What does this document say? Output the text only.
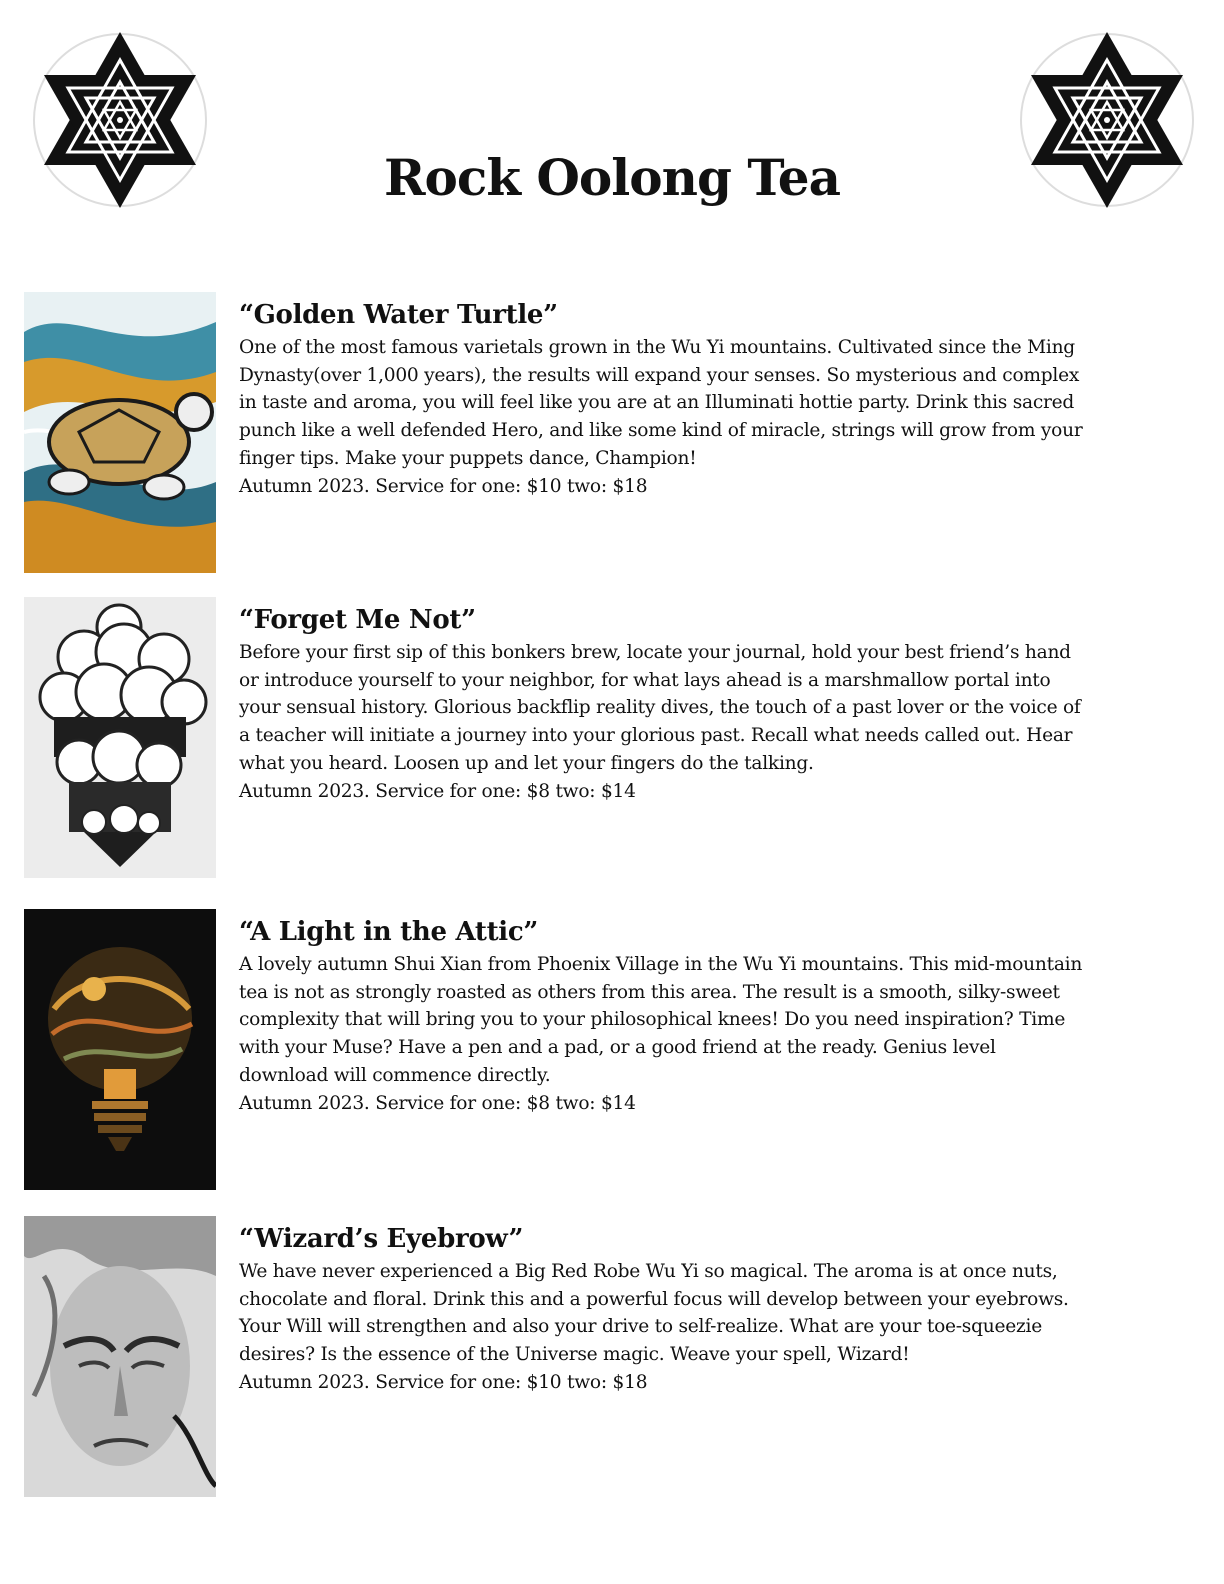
Rock Oolong Tea
“Golden Water Turtle”

One of the most famous varietals grown in the Wu Yi mountains. Cultivated since the Ming Dynasty(over 1,000 years), the results will expand your senses. So mysterious and complex in taste and aroma, you will feel like you are at an Illuminati hottie party. Drink this sacred punch like a well defended Hero, and like some kind of miracle, strings will grow from your finger tips. Make your puppets dance, Champion!

Autumn 2023. Service for one: $10 two: $18

“Forget Me Not”

Before your first sip of this bonkers brew, locate your journal, hold your best friend’s hand or introduce yourself to your neighbor, for what lays ahead is a marshmallow portal into your sensual history. Glorious backflip reality dives, the touch of a past lover or the voice of a teacher will initiate a journey into your glorious past. Recall what needs called out. Hear what you heard. Loosen up and let your fingers do the talking.

Autumn 2023. Service for one: $8 two: $14

“A Light in the Attic”

A lovely autumn Shui Xian from Phoenix Village in the Wu Yi mountains. This mid-mountain tea is not as strongly roasted as others from this area. The result is a smooth, silky-sweet complexity that will bring you to your philosophical knees! Do you need inspiration? Time with your Muse? Have a pen and a pad, or a good friend at the ready. Genius level download will commence directly.

Autumn 2023. Service for one: $8 two: $14

“Wizard’s Eyebrow”

We have never experienced a Big Red Robe Wu Yi so magical. The aroma is at once nuts, chocolate and floral. Drink this and a powerful focus will develop between your eyebrows. Your Will will strengthen and also your drive to self-realize. What are your toe-squeezie desires? Is the essence of the Universe magic. Weave your spell, Wizard!

Autumn 2023. Service for one: $10 two: $18
